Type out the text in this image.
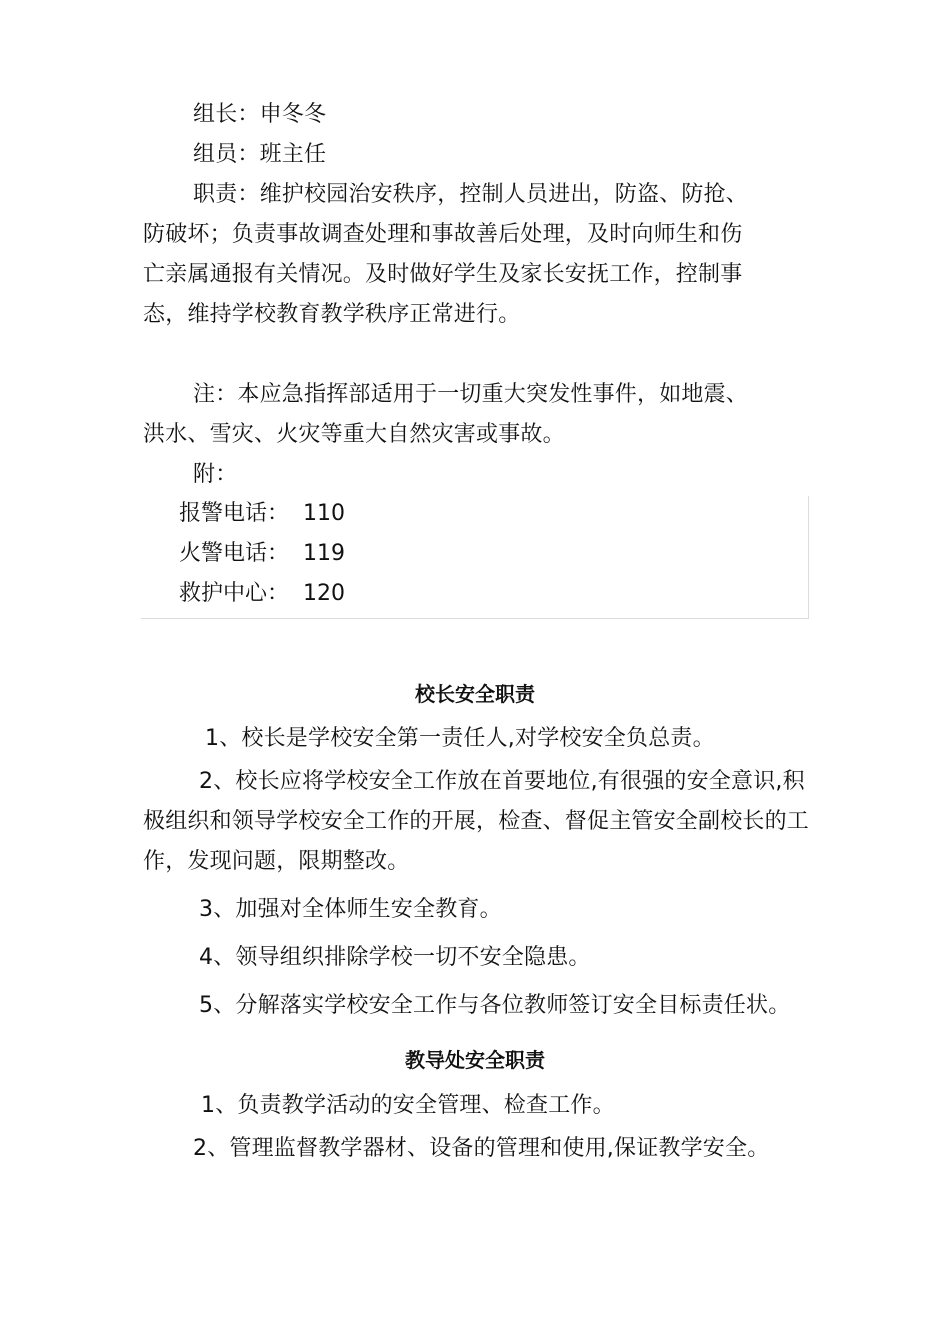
组长：申冬冬
组员：班主任
职责：维护校园治安秩序，控制人员进出，防盗、防抢、
防破坏；负责事故调查处理和事故善后处理，及时向师生和伤
亡亲属通报有关情况。及时做好学生及家长安抚工作，控制事
态，维持学校教育教学秩序正常进行。
注：本应急指挥部适用于一切重大突发性事件，如地震、
洪水、雪灾、火灾等重大自然灾害或事故。
附：
报警电话： 110
火警电话： 119
救护中心： 120
校长安全职责
1、校长是学校安全第一责任人,对学校安全负总责。
2、校长应将学校安全工作放在首要地位,有很强的安全意识,积
极组织和领导学校安全工作的开展，检查、督促主管安全副校长的工
作，发现问题，限期整改。
3、加强对全体师生安全教育。
4、领导组织排除学校一切不安全隐患。
5、分解落实学校安全工作与各位教师签订安全目标责任状。
教导处安全职责
1、负责教学活动的安全管理、检查工作。
2、管理监督教学器材、设备的管理和使用,保证教学安全。
